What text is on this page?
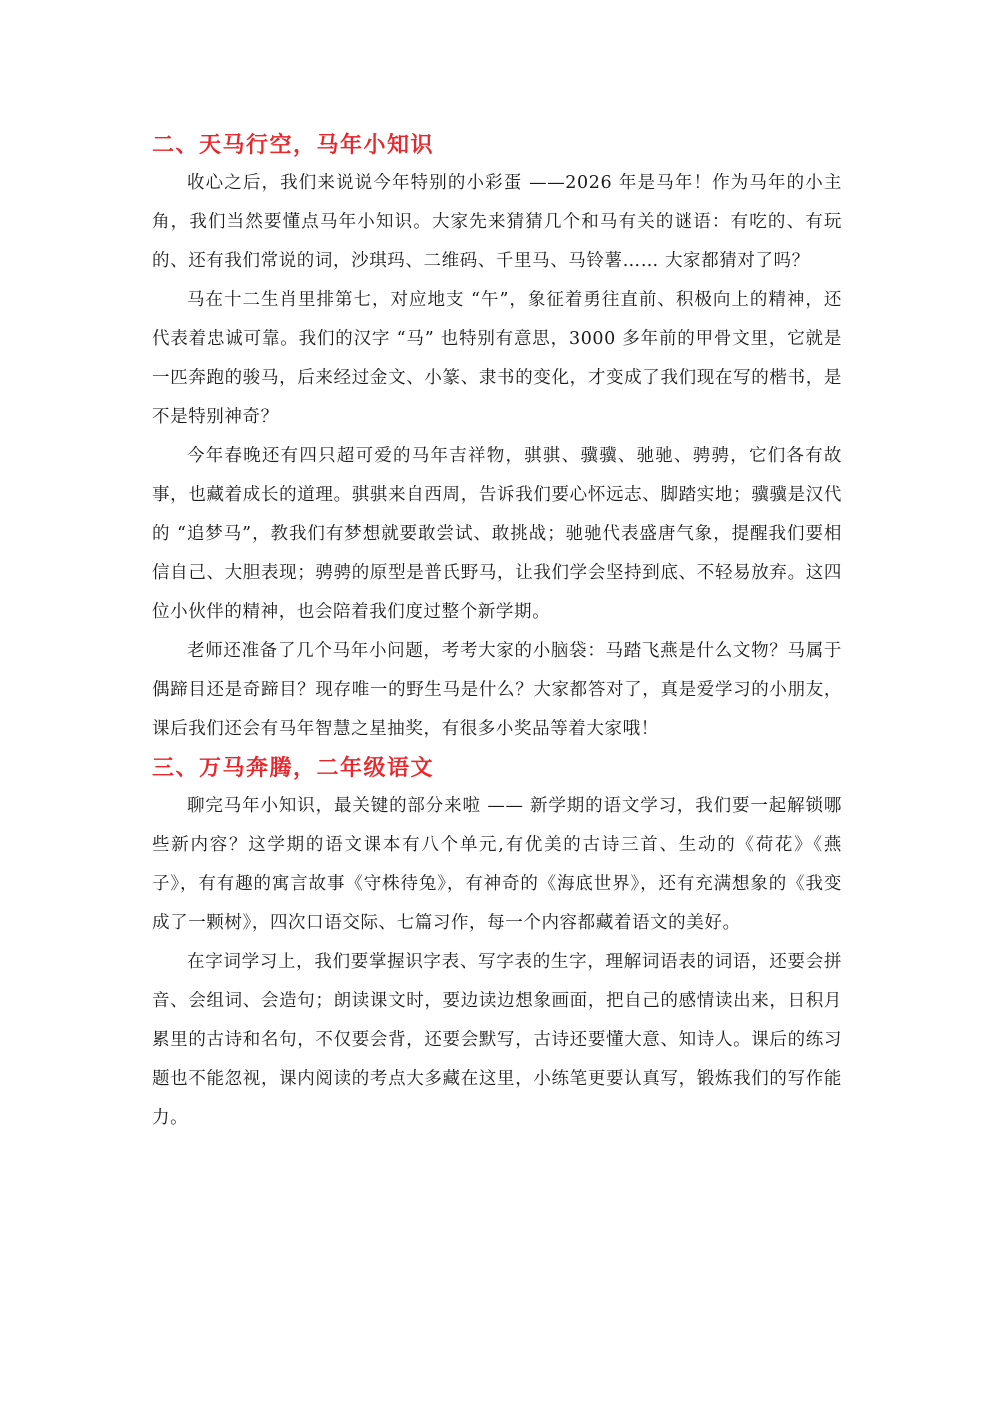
二、天马行空，马年小知识

收心之后，我们来说说今年特别的小彩蛋 ——2026 年是马年！作为马年的小主角，我们当然要懂点马年小知识。大家先来猜猜几个和马有关的谜语：有吃的、有玩的、还有我们常说的词，沙琪玛、二维码、千里马、马铃薯…… 大家都猜对了吗？

马在十二生肖里排第七，对应地支 “午”，象征着勇往直前、积极向上的精神，还代表着忠诚可靠。我们的汉字 “马” 也特别有意思，3000 多年前的甲骨文里，它就是一匹奔跑的骏马，后来经过金文、小篆、隶书的变化，才变成了我们现在写的楷书，是不是特别神奇？

今年春晚还有四只超可爱的马年吉祥物，骐骐、骥骥、驰驰、骋骋，它们各有故事，也藏着成长的道理。骐骐来自西周，告诉我们要心怀远志、脚踏实地；骥骥是汉代的 “追梦马”，教我们有梦想就要敢尝试、敢挑战；驰驰代表盛唐气象，提醒我们要相信自己、大胆表现；骋骋的原型是普氏野马，让我们学会坚持到底、不轻易放弃。这四位小伙伴的精神，也会陪着我们度过整个新学期。

老师还准备了几个马年小问题，考考大家的小脑袋：马踏飞燕是什么文物？马属于偶蹄目还是奇蹄目？现存唯一的野生马是什么？大家都答对了，真是爱学习的小朋友，课后我们还会有马年智慧之星抽奖，有很多小奖品等着大家哦！

三、万马奔腾，二年级语文

聊完马年小知识，最关键的部分来啦 —— 新学期的语文学习，我们要一起解锁哪些新内容？这学期的语文课本有八个单元,有优美的古诗三首、生动的《荷花》《燕子》，有有趣的寓言故事《守株待兔》，有神奇的《海底世界》，还有充满想象的《我变成了一颗树》，四次口语交际、七篇习作，每一个内容都藏着语文的美好。

在字词学习上，我们要掌握识字表、写字表的生字，理解词语表的词语，还要会拼音、会组词、会造句；朗读课文时，要边读边想象画面，把自己的感情读出来，日积月累里的古诗和名句，不仅要会背，还要会默写，古诗还要懂大意、知诗人。课后的练习题也不能忽视，课内阅读的考点大多藏在这里，小练笔更要认真写，锻炼我们的写作能力。
